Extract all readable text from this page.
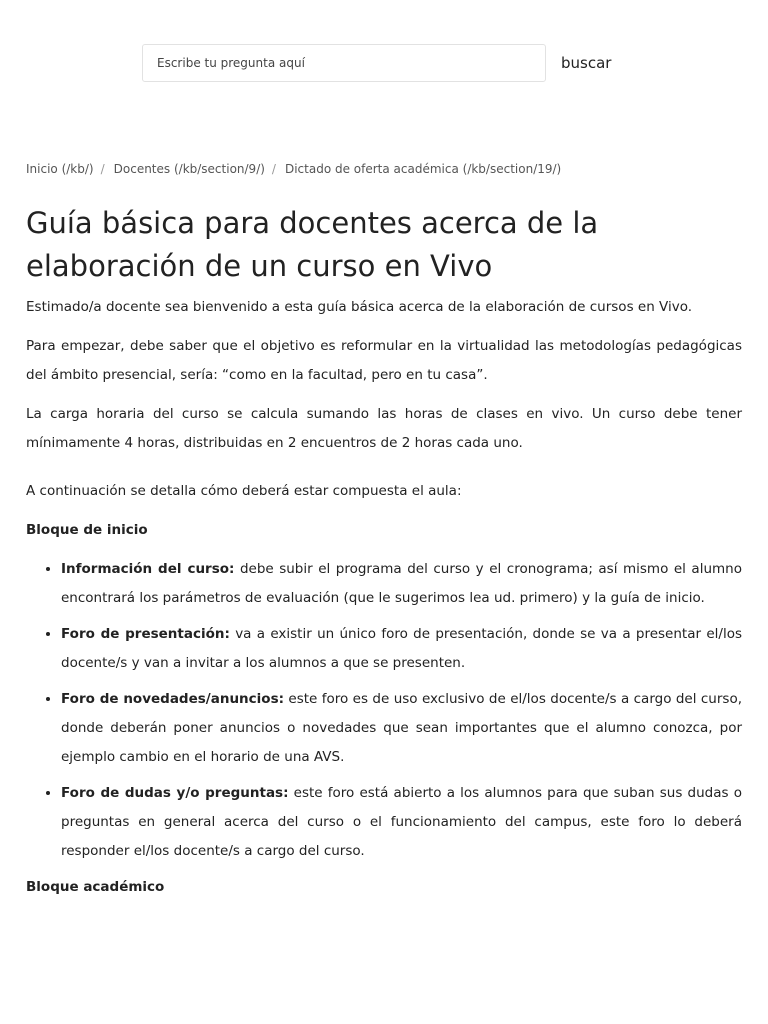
Escribe tu pregunta aquí
buscar
Inicio (/kb/) / Docentes (/kb/section/9/) / Dictado de oferta académica (/kb/section/19/)
Guía básica para docentes acerca de la elaboración de un curso en Vivo

Estimado/a docente sea bienvenido a esta guía básica acerca de la elaboración de cursos en Vivo.

Para empezar, debe saber que el objetivo es reformular en la virtualidad las metodologías pedagógicas del ámbito presencial, sería: “como en la facultad, pero en tu casa”.

La carga horaria del curso se calcula sumando las horas de clases en vivo. Un curso debe tener mínimamente 4 horas, distribuidas en 2 encuentros de 2 horas cada uno.

A continuación se detalla cómo deberá estar compuesta el aula:

Bloque de inicio
• Información del curso: debe subir el programa del curso y el cronograma; así mismo el alumno encontrará los parámetros de evaluación (que le sugerimos lea ud. primero) y la guía de inicio.
• Foro de presentación: va a existir un único foro de presentación, donde se va a presentar el/los docente/s y van a invitar a los alumnos a que se presenten.
• Foro de novedades/anuncios: este foro es de uso exclusivo de el/los docente/s a cargo del curso, donde deberán poner anuncios o novedades que sean importantes que el alumno conozca, por ejemplo cambio en el horario de una AVS.
• Foro de dudas y/o preguntas: este foro está abierto a los alumnos para que suban sus dudas o preguntas en general acerca del curso o el funcionamiento del campus, este foro lo deberá responder el/los docente/s a cargo del curso.
Bloque académico
